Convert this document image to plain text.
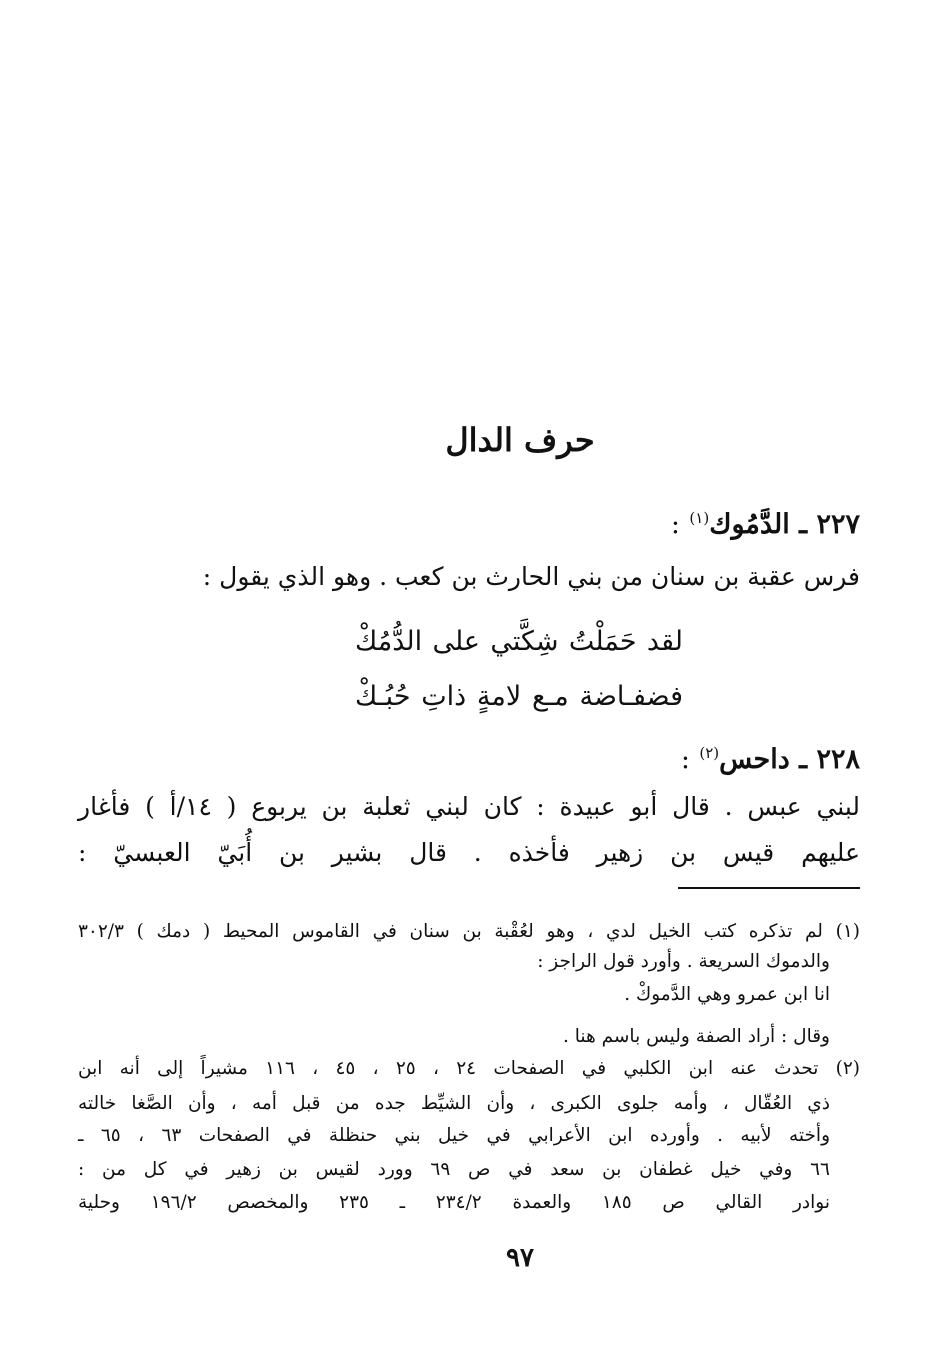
حرف الدال
٢٢٧ ـ الدَّمُوك$^{(١)}$ :
فرس عقبة بن سنان من بني الحارث بن كعب . وهو الذي يقول :
لقد حَمَلْتُ شِكَّتي على الدُّمُكْ
فضفـاضة مـع لامةٍ ذاتِ حُبُـكْ
٢٢٨ ـ داحس$^{(٢)}$ :
لبني عبس . قال أبو عبيدة : كان لبني ثعلبة بن يربوع ( ١٤/أ ) فأغار
عليهم قيس بن زهير فأخذه . قال بشير بن أُبَيّ العبسيّ :
(١) لم تذكره كتب الخيل لدي ، وهو لعُقْبة بن سنان في القاموس المحيط ( دمك ) ٣٠٢/٣
والدموك السريعة . وأورد قول الراجز :
انا ابن عمرو وهي الدَّموكْ .
وقال : أراد الصفة وليس باسم هنا .
(٢) تحدث عنه ابن الكلبي في الصفحات ٢٤ ، ٢٥ ، ٤٥ ، ١١٦ مشيراً إلى أنه ابن
ذي العُقّال ، وأمه جلوى الكبرى ، وأن الشيِّط جده من قبل أمه ، وأن الصَّغا خالته
وأخته لأبيه . وأورده ابن الأعرابي في خيل بني حنظلة في الصفحات ٦٣ ، ٦٥ ـ
٦٦ وفي خيل غطفان بن سعد في ص ٦٩ وورد لقيس بن زهير في كل من :
نوادر القالي ص ١٨٥ والعمدة ٢٣٤/٢ ـ ٢٣٥ والمخصص ١٩٦/٢ وحلية
٩٧
